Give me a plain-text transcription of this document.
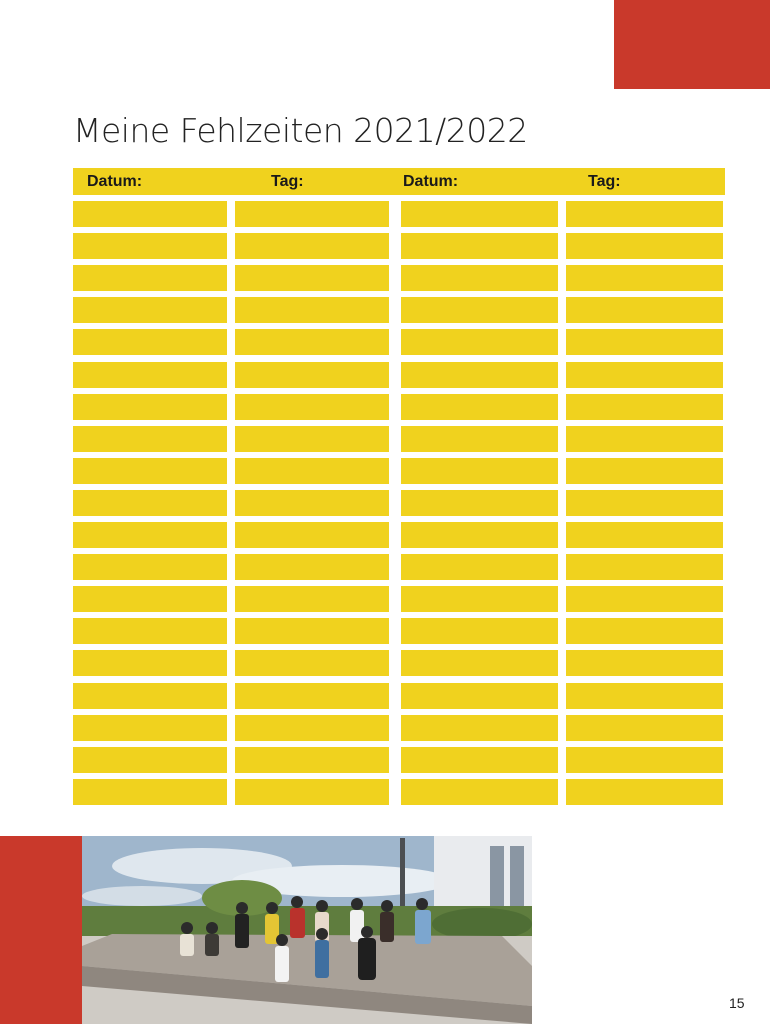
Meine Fehlzeiten 2021/2022
Datum:	Tag:	Datum:	Tag:
15
